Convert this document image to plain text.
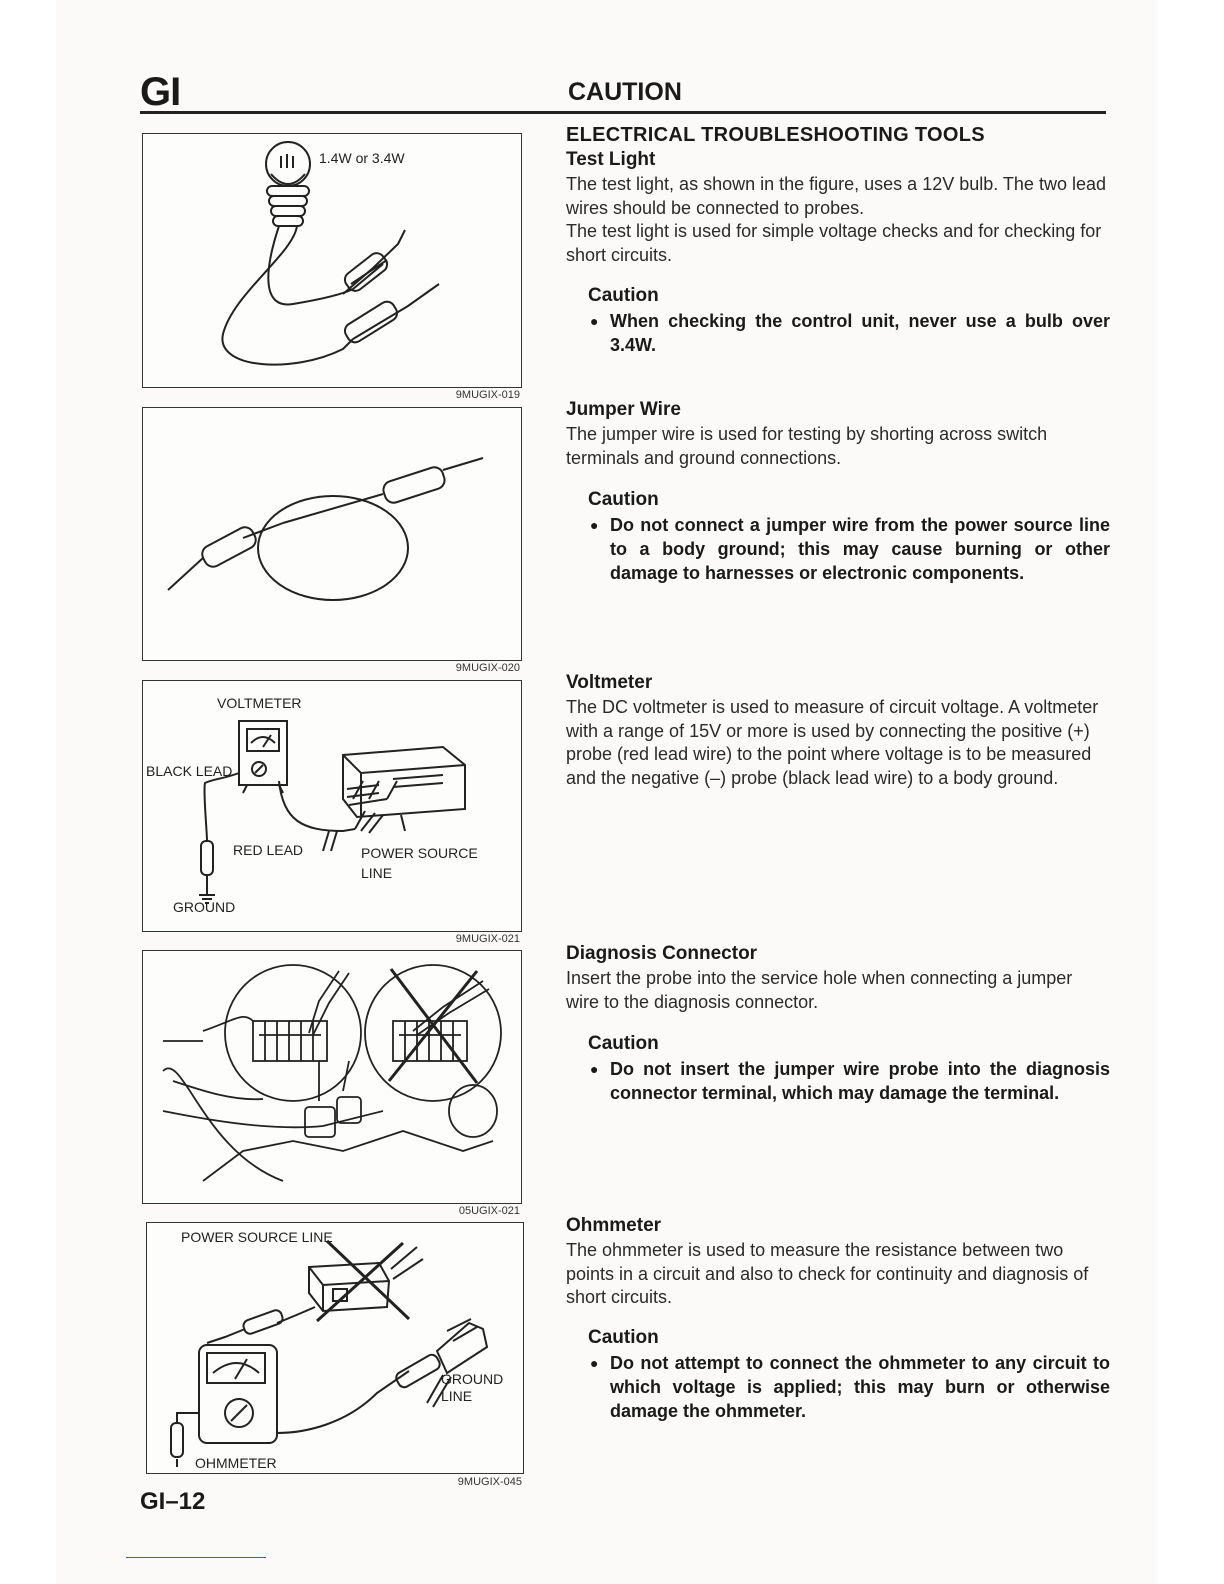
GI	CAUTION
1.4W or 3.4W
9MUGIX-019
9MUGIX-020
VOLTMETER
BLACK LEAD
RED LEAD	POWER SOURCE
LINE
GROUND
9MUGIX-021
05UGIX-021
POWER SOURCE LINE
GROUND
LINE
OHMMETER
9MUGIX-045
ELECTRICAL TROUBLESHOOTING TOOLS
Test Light

The test light, as shown in the figure, uses a 12V bulb. The two lead wires should be connected to probes.

The test light is used for simple voltage checks and for checking for short circuits.

Caution
● When checking the control unit, never use a bulb over 3.4W.
Jumper Wire

The jumper wire is used for testing by shorting across switch terminals and ground connections.

Caution
● Do not connect a jumper wire from the power source line to a body ground; this may cause burning or other damage to harnesses or electronic components.
Voltmeter

The DC voltmeter is used to measure of circuit voltage. A voltmeter with a range of 15V or more is used by connecting the positive (+) probe (red lead wire) to the point where voltage is to be measured and the negative (–) probe (black lead wire) to a body ground.

Diagnosis Connector

Insert the probe into the service hole when connecting a jumper wire to the diagnosis connector.

Caution
● Do not insert the jumper wire probe into the diagnosis connector terminal, which may damage the terminal.
Ohmmeter

The ohmmeter is used to measure the resistance between two points in a circuit and also to check for continuity and diagnosis of short circuits.

Caution
● Do not attempt to connect the ohmmeter to any circuit to which voltage is applied; this may burn or otherwise damage the ohmmeter.
GI–12
